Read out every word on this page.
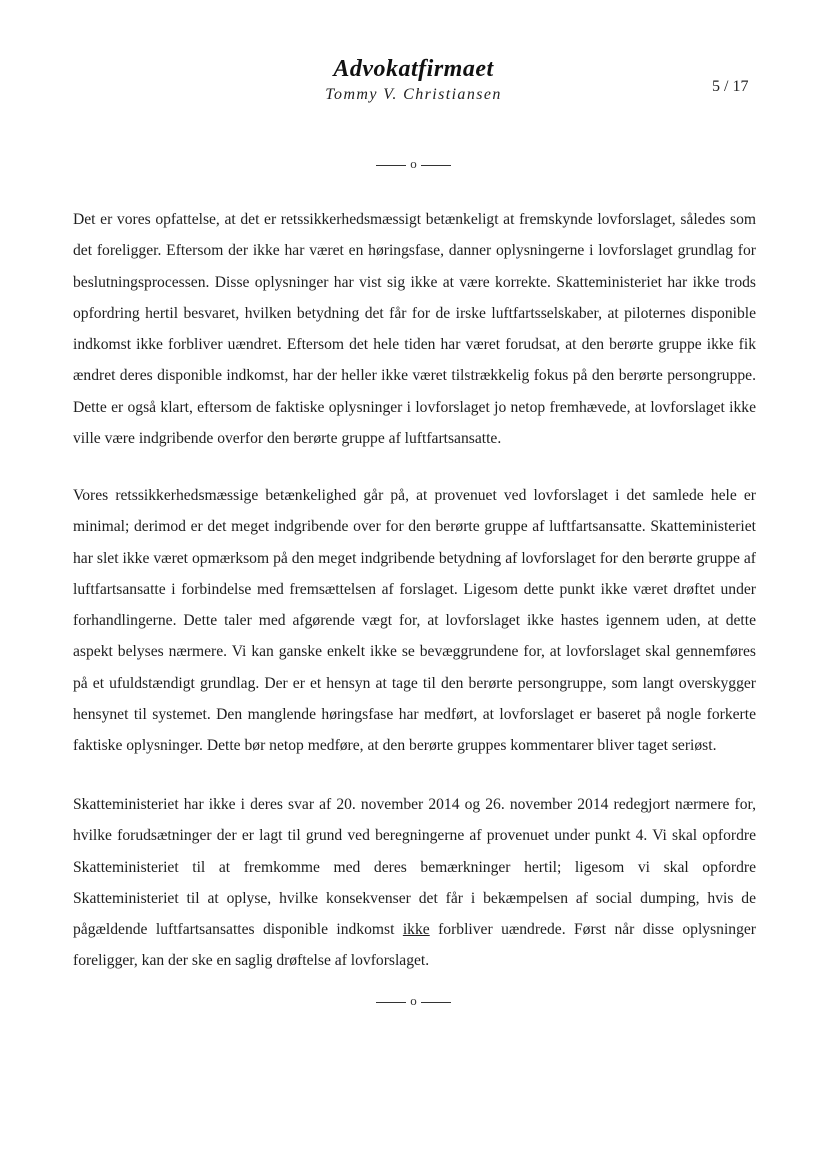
Advokatfirmaet
Tommy V. Christiansen	5 / 17
o

Det er vores opfattelse, at det er retssikkerhedsmæssigt betænkeligt at fremskynde lovforslaget, således som det foreligger. Eftersom der ikke har været en høringsfase, danner oplysningerne i lovforslaget grundlag for beslutningsprocessen. Disse oplysninger har vist sig ikke at være korrekte. Skatteministeriet har ikke trods opfordring hertil besvaret, hvilken betydning det får for de irske luftfartsselskaber, at piloternes disponible indkomst ikke forbliver uændret. Eftersom det hele tiden har været forudsat, at den berørte gruppe ikke fik ændret deres disponible indkomst, har der heller ikke været tilstrækkelig fokus på den berørte persongruppe. Dette er også klart, eftersom de faktiske oplysninger i lovforslaget jo netop fremhævede, at lovforslaget ikke ville være indgribende overfor den berørte gruppe af luftfartsansatte.

Vores retssikkerhedsmæssige betænkelighed går på, at provenuet ved lovforslaget i det samlede hele er minimal; derimod er det meget indgribende over for den berørte gruppe af luftfartsansatte. Skatteministeriet har slet ikke været opmærksom på den meget indgribende betydning af lovforslaget for den berørte gruppe af luftfartsansatte i forbindelse med fremsættelsen af forslaget. Ligesom dette punkt ikke været drøftet under forhandlingerne. Dette taler med afgørende vægt for, at lovforslaget ikke hastes igennem uden, at dette aspekt belyses nærmere. Vi kan ganske enkelt ikke se bevæggrundene for, at lovforslaget skal gennemføres på et ufuldstændigt grundlag. Der er et hensyn at tage til den berørte persongruppe, som langt overskygger hensynet til systemet. Den manglende høringsfase har medført, at lovforslaget er baseret på nogle forkerte faktiske oplysninger. Dette bør netop medføre, at den berørte gruppes kommentarer bliver taget seriøst.

Skatteministeriet har ikke i deres svar af 20. november 2014 og 26. november 2014 redegjort nærmere for, hvilke forudsætninger der er lagt til grund ved beregningerne af provenuet under punkt 4. Vi skal opfordre Skatteministeriet til at fremkomme med deres bemærkninger hertil; ligesom vi skal opfordre Skatteministeriet til at oplyse, hvilke konsekvenser det får i bekæmpelsen af social dumping, hvis de pågældende luftfartsansattes disponible indkomst ikke forbliver uændrede. Først når disse oplysninger foreligger, kan der ske en saglig drøftelse af lovforslaget.

o
